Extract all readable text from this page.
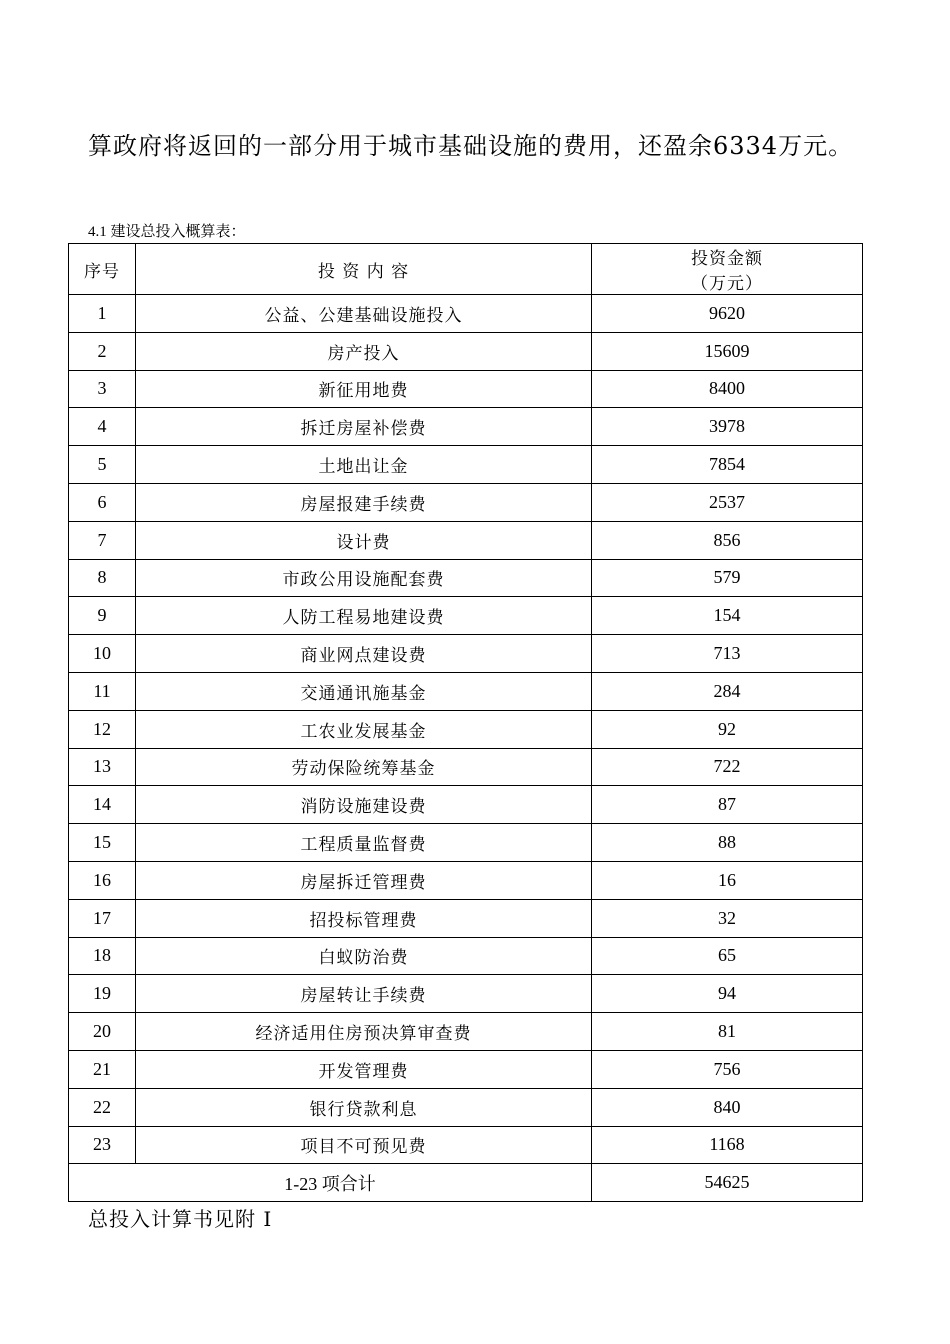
算政府将返回的一部分用于城市基础设施的费用，还盈余6334万元。
4.1 建设总投入概算表：
序号	投 资 内 容	投资金额
（万元）

1	公益、公建基础设施投入	9620
2	房产投入	15609
3	新征用地费	8400
4	拆迁房屋补偿费	3978
5	土地出让金	7854
6	房屋报建手续费	2537
7	设计费	856
8	市政公用设施配套费	579
9	人防工程易地建设费	154
10	商业网点建设费	713
11	交通通讯施基金	284
12	工农业发展基金	92
13	劳动保险统筹基金	722
14	消防设施建设费	87
15	工程质量监督费	88
16	房屋拆迁管理费	16
17	招投标管理费	32
18	白蚁防治费	65
19	房屋转让手续费	94
20	经济适用住房预决算审查费	81
21	开发管理费	756
22	银行贷款利息	840
23	项目不可预见费	1168
1-23 项合计		54625
总投入计算书见附 I
